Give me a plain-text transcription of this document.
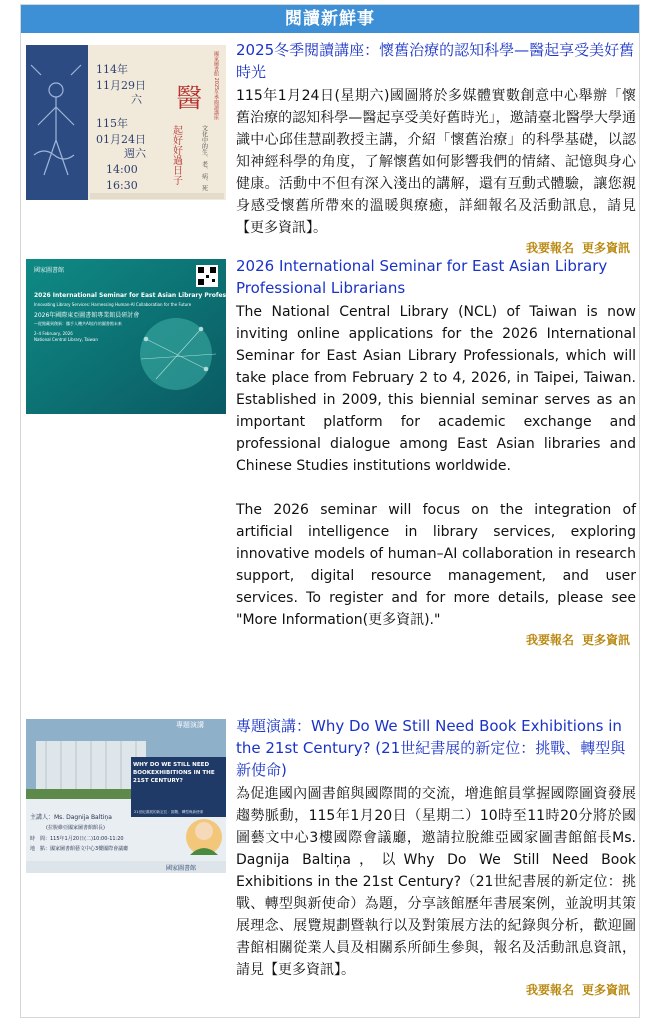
閱讀新鮮事
114年
11月29日
六
115年
01月24日
週六
14:00
16:30
醫
起好好過日子	文化中的生、老、病、死
國家圖書館 2025冬季閱讀講座
2025冬季閱讀講座：懷舊治療的認知科學—醫起享受美好舊時光
115年1月24日(星期六)國圖將於多媒體實數創意中心舉辦「懷舊治療的認知科學—醫起享受美好舊時光」，邀請臺北醫學大學通識中心邱佳慧副教授主講，介紹「懷舊治療」的科學基礎，以認知神經科學的角度，了解懷舊如何影響我們的情緒、記憶與身心健康。活動中不但有深入淺出的講解，還有互動式體驗，讓您親身感受懷舊所帶來的溫暖與療癒，詳細報名及活動訊息，請見【更多資訊】。
我要報名 更多資訊
國家圖書館
2026 International Seminar for East Asian Library Professional Librarians:
Innovating Library Services: Harnessing Human-AI Collaboration for the Future
2026年國際東亞圖書館專業館員研討會
—從館藏到創新：攜手人機共AI協作的圖書館未來
2–4 February, 2026
National Central Library, Taiwan
2026 International Seminar for East Asian Library Professional Librarians

The National Central Library (NCL) of Taiwan is now inviting online applications for the 2026 International Seminar for East Asian Library Professionals, which will take place from February 2 to 4, 2026, in Taipei, Taiwan. Established in 2009, this biennial seminar serves as an important platform for academic exchange and professional dialogue among East Asian libraries and Chinese Studies institutions worldwide.

The 2026 seminar will focus on the integration of artificial intelligence in library services, exploring innovative models of human–AI collaboration in research support, digital resource management, and user services. To register and for more details, please see "More Information(更多資訊)."

我要報名 更多資訊
專題演講
WHY DO WE STILL NEED BOOKEXHIBITIONS IN THE 21ST CENTURY?
21世紀書展的新定位：挑戰、轉型與新使命
主講人：Ms. Dagnija Baltiņa
(拉脫維亞國家圖書館館長)
時　間：115年1月20日(二)10:00-11:20
地　點：國家圖書館藝文中心3樓國際會議廳
國家圖書館
專題演講：Why Do We Still Need Book Exhibitions in the 21st Century? (21世紀書展的新定位：挑戰、轉型與新使命)
為促進國內圖書館與國際間的交流，增進館員掌握國際圖資發展趨勢脈動，115年1月20日（星期二）10時至11時20分將於國圖藝文中心3樓國際會議廳，邀請拉脫維亞國家圖書館館長Ms. Dagnija Baltiņa，以Why Do We Still Need Book Exhibitions in the 21st Century?（21世紀書展的新定位：挑戰、轉型與新使命）為題，分享該館歷年書展案例，並說明其策展理念、展覽規劃暨執行以及對策展方法的紀錄與分析，歡迎圖書館相關從業人員及相關系所師生參與，報名及活動訊息資訊，請見【更多資訊】。
我要報名 更多資訊
